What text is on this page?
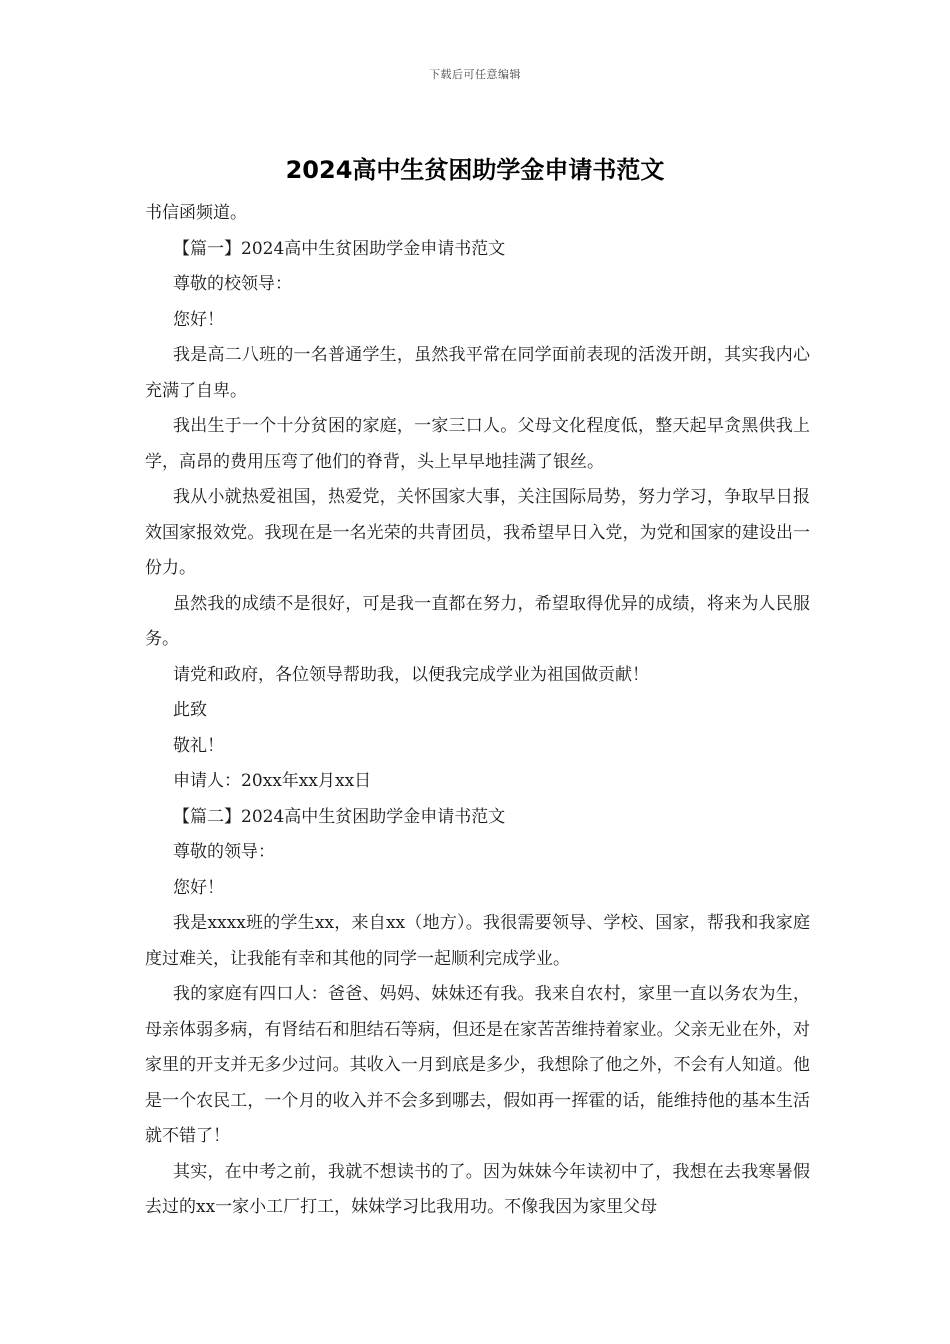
下载后可任意编辑
2024高中生贫困助学金申请书范文

书信函频道。

【篇一】2024高中生贫困助学金申请书范文

尊敬的校领导：

您好！

我是高二八班的一名普通学生，虽然我平常在同学面前表现的活泼开朗，其实我内心充满了自卑。

我出生于一个十分贫困的家庭，一家三口人。父母文化程度低，整天起早贪黑供我上学，高昂的费用压弯了他们的脊背，头上早早地挂满了银丝。

我从小就热爱祖国，热爱党，关怀国家大事，关注国际局势，努力学习，争取早日报效国家报效党。我现在是一名光荣的共青团员，我希望早日入党，为党和国家的建设出一份力。

虽然我的成绩不是很好，可是我一直都在努力，希望取得优异的成绩，将来为人民服务。

请党和政府，各位领导帮助我，以便我完成学业为祖国做贡献！

此致

敬礼！

申请人：20xx年xx月xx日

【篇二】2024高中生贫困助学金申请书范文

尊敬的领导：

您好！

我是xxxx班的学生xx，来自xx（地方）。我很需要领导、学校、国家，帮我和我家庭度过难关，让我能有幸和其他的同学一起顺利完成学业。

我的家庭有四口人：爸爸、妈妈、妹妹还有我。我来自农村，家里一直以务农为生，母亲体弱多病，有肾结石和胆结石等病，但还是在家苦苦维持着家业。父亲无业在外，对家里的开支并无多少过问。其收入一月到底是多少，我想除了他之外，不会有人知道。他是一个农民工，一个月的收入并不会多到哪去，假如再一挥霍的话，能维持他的基本生活就不错了！

其实，在中考之前，我就不想读书的了。因为妹妹今年读初中了，我想在去我寒暑假去过的xx一家小工厂打工，妹妹学习比我用功。不像我因为家里父母
